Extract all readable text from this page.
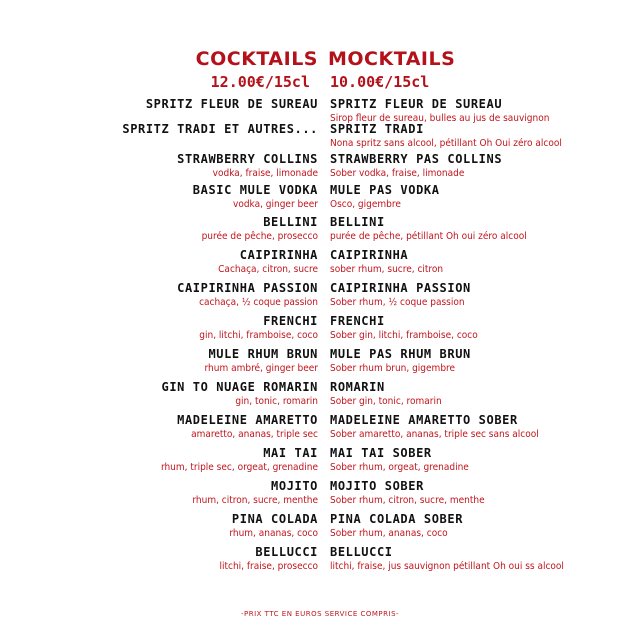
COCKTAILS MOCKTAILS
12.00€/15cl 10.00€/15cl
SPRITZ FLEUR DE SUREAU
SPRITZ TRADI ET AUTRES...
STRAWBERRY COLLINS
vodka, fraise, limonade
BASIC MULE VODKA
vodka, ginger beer
BELLINI
purée de pêche, prosecco
CAIPIRINHA
Cachaça, citron, sucre
CAIPIRINHA PASSION
cachaça, ½ coque passion
FRENCHI
gin, litchi, framboise, coco
MULE RHUM BRUN
rhum ambré, ginger beer
GIN TO NUAGE ROMARIN
gin, tonic, romarin
MADELEINE AMARETTO
amaretto, ananas, triple sec
MAI TAI
rhum, triple sec, orgeat, grenadine
MOJITO
rhum, citron, sucre, menthe
PINA COLADA
rhum, ananas, coco
BELLUCCI
litchi, fraise, prosecco
SPRITZ FLEUR DE SUREAU
Sirop fleur de sureau, bulles au jus de sauvignon
SPRITZ TRADI
Nona spritz sans alcool, pétillant Oh Oui zéro alcool
STRAWBERRY PAS COLLINS
Sober vodka, fraise, limonade
MULE PAS VODKA
Osco, gigembre
BELLINI
purée de pêche, pétillant Oh oui zéro alcool
CAIPIRINHA
sober rhum, sucre, citron
CAIPIRINHA PASSION
Sober rhum, ½ coque passion
FRENCHI
Sober gin, litchi, framboise, coco
MULE PAS RHUM BRUN
Sober rhum brun, gigembre
ROMARIN
Sober gin, tonic, romarin
MADELEINE AMARETTO SOBER
Sober amaretto, ananas, triple sec sans alcool
MAI TAI SOBER
Sober rhum, orgeat, grenadine
MOJITO SOBER
Sober rhum, citron, sucre, menthe
PINA COLADA SOBER
Sober rhum, ananas, coco
BELLUCCI
litchi, fraise, jus sauvignon pétillant Oh oui ss alcool
-PRIX TTC EN EUROS SERVICE COMPRIS-
